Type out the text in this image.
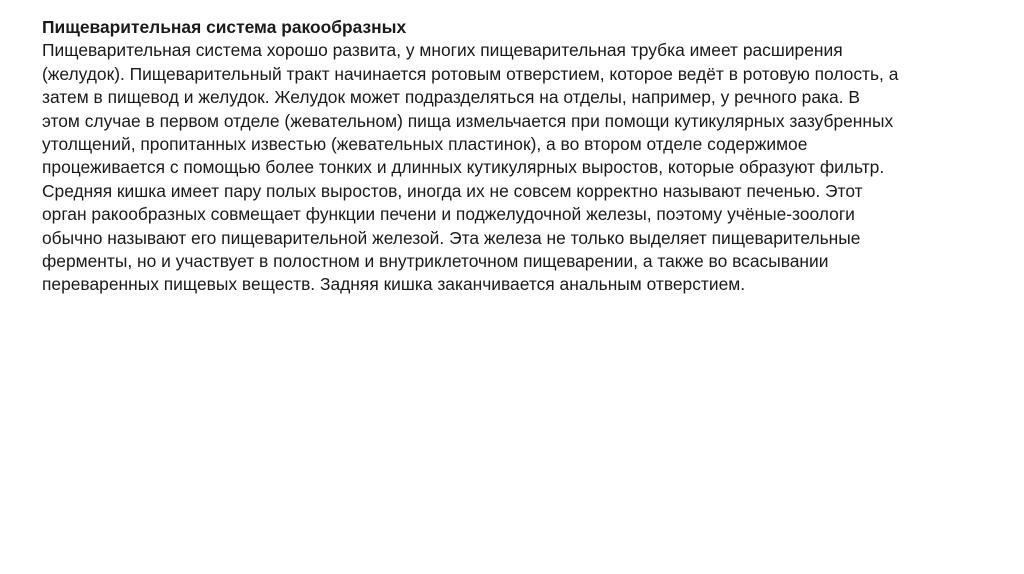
Пищеварительная система ракообразных
Пищеварительная система хорошо развита, у многих пищеварительная трубка имеет расширения
(желудок). Пищеварительный тракт начинается ротовым отверстием, которое ведёт в ротовую полость, а
затем в пищевод и желудок. Желудок может подразделяться на отделы, например, у речного рака. В
этом случае в первом отделе (жевательном) пища измельчается при помощи кутикулярных зазубренных
утолщений, пропитанных известью (жевательных пластинок), а во втором отделе содержимое
процеживается с помощью более тонких и длинных кутикулярных выростов, которые образуют фильтр.
Средняя кишка имеет пару полых выростов, иногда их не совсем корректно называют печенью. Этот
орган ракообразных совмещает функции печени и поджелудочной железы, поэтому учёные-зоологи
обычно называют его пищеварительной железой. Эта железа не только выделяет пищеварительные
ферменты, но и участвует в полостном и внутриклеточном пищеварении, а также во всасывании
переваренных пищевых веществ. Задняя кишка заканчивается анальным отверстием.
